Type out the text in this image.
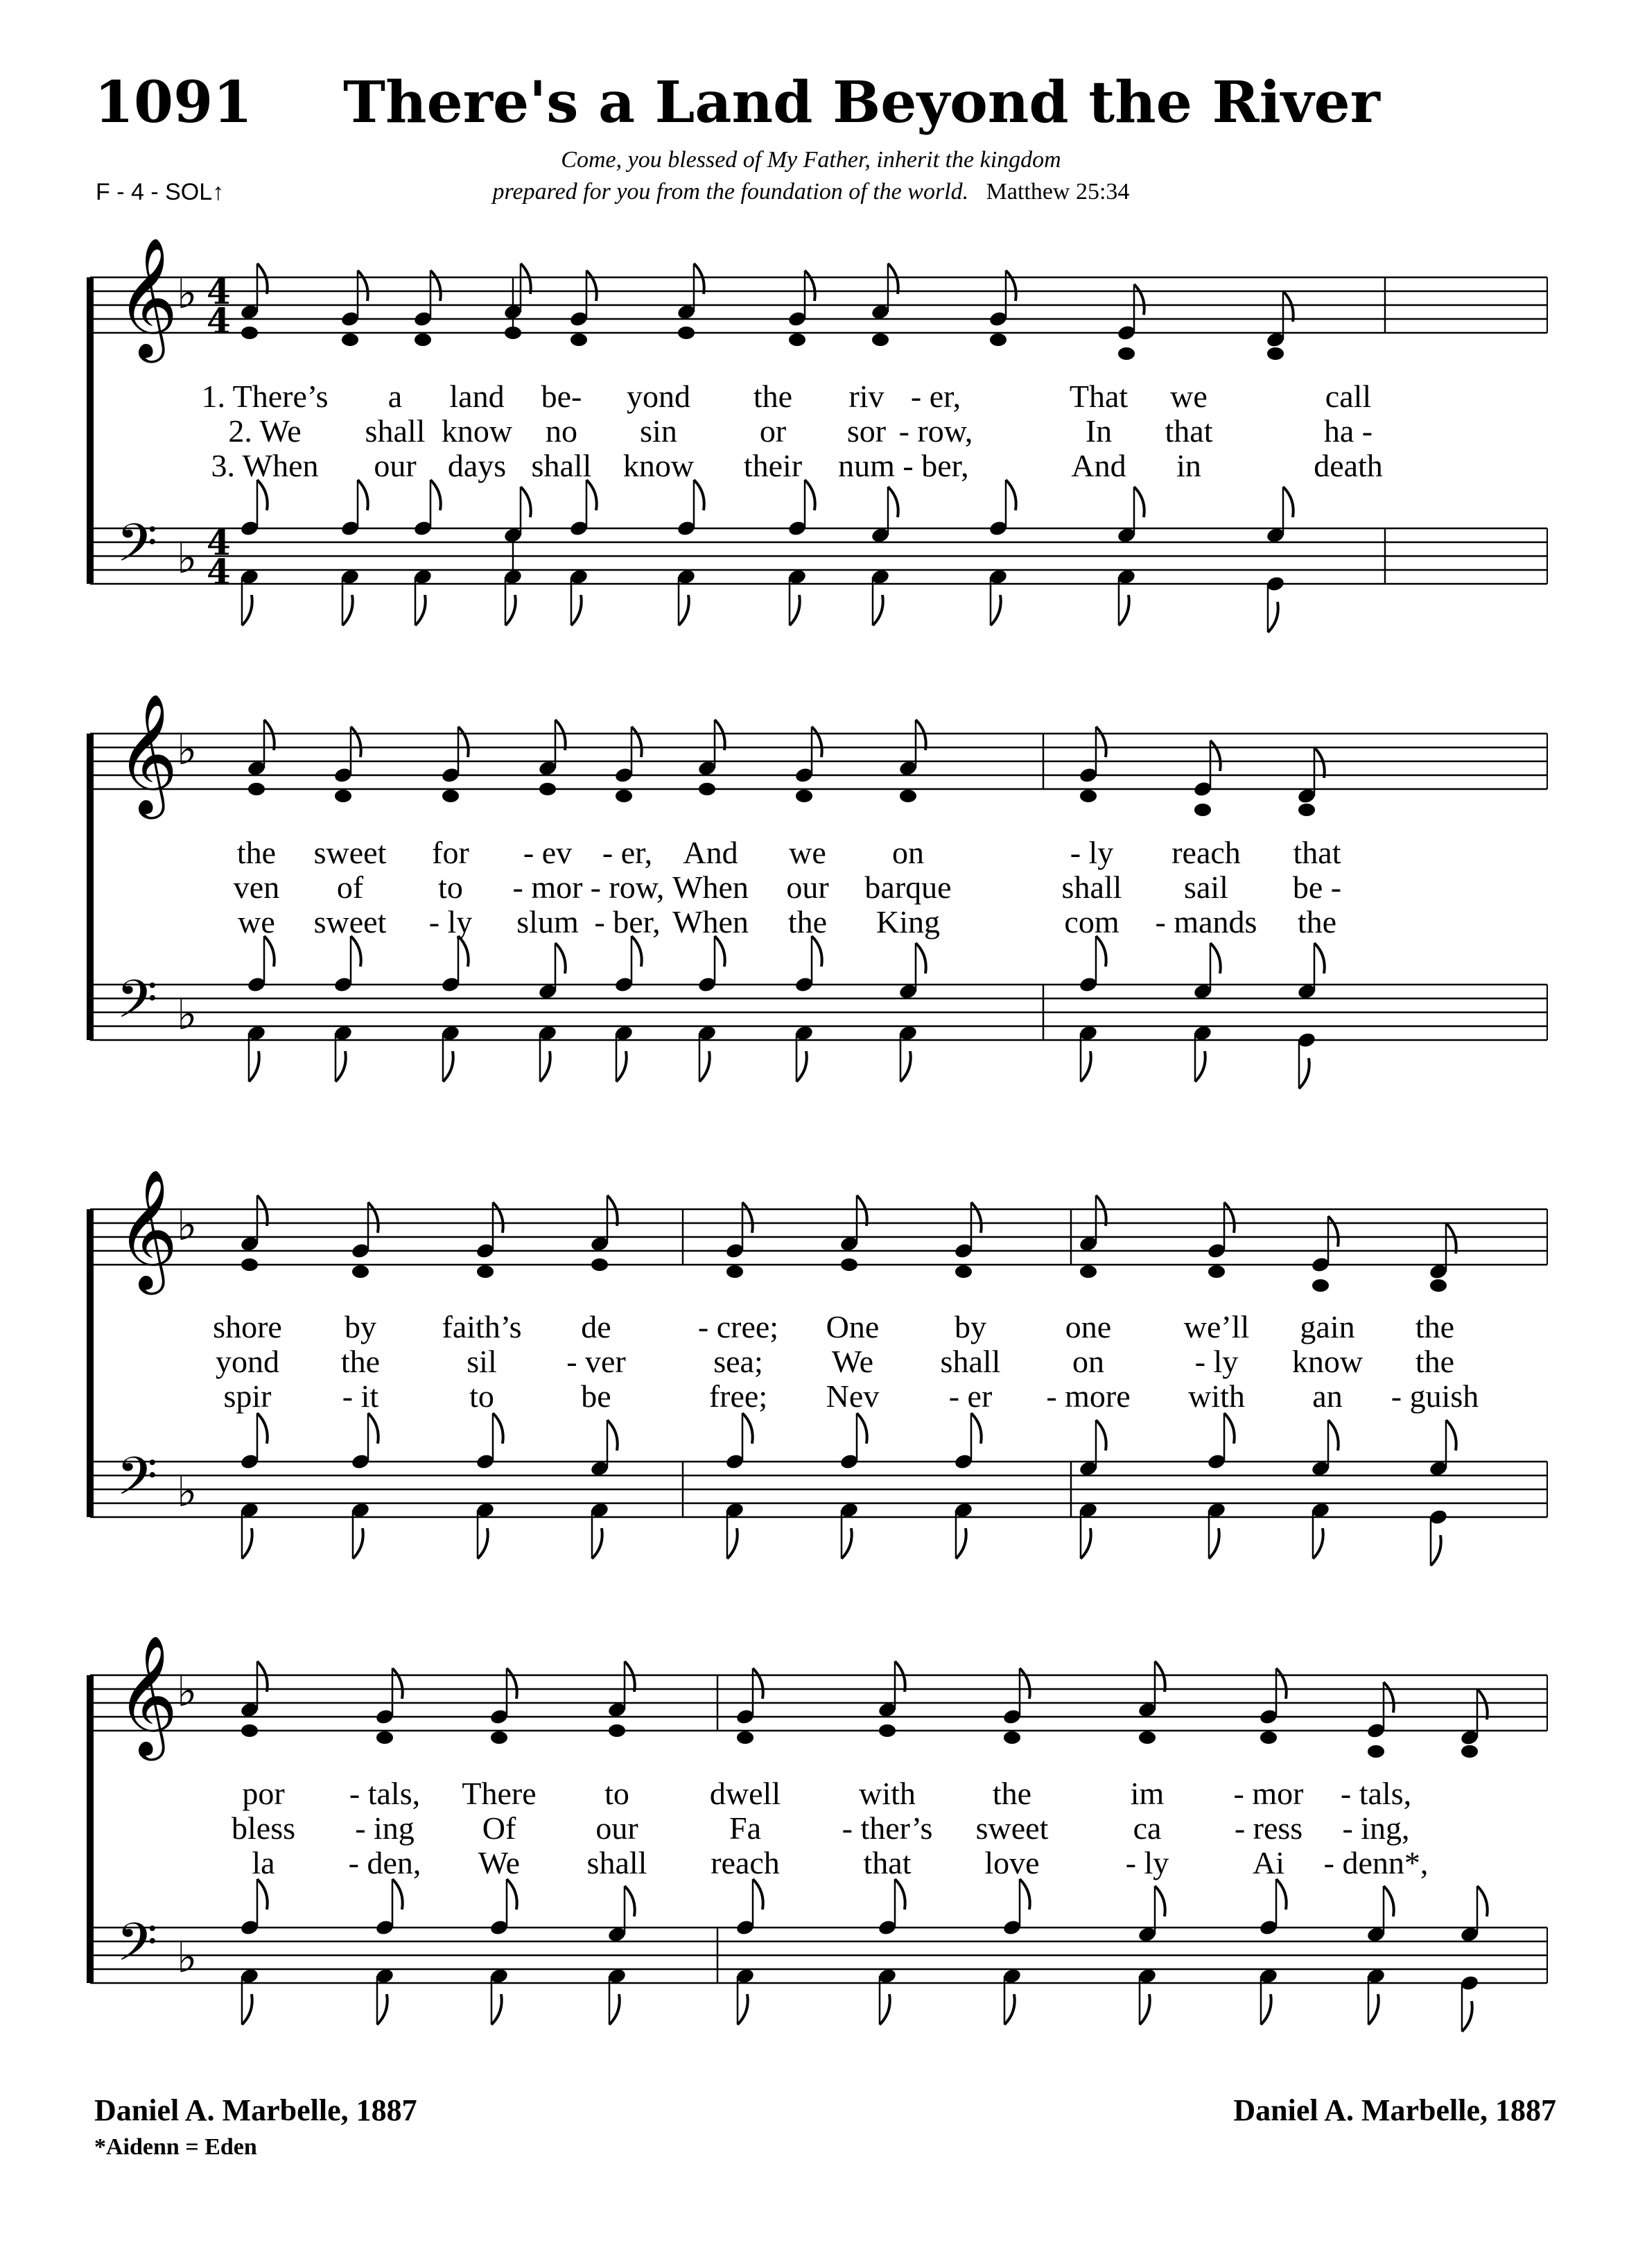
1091 There's a Land Beyond the River
Come, you blessed of My Father, inherit the kingdom
prepared for you from the foundation of the world. Matthew 25:34
F - 4 - SOL↑
𝄞
𝄢
♭
♭
4
4
4
4
𝄞
𝄢
♭
♭
𝄞
𝄢
♭
♭
𝄞
𝄢
♭
♭
1. There’s a land be- yond the riv - er,	That we	call
2. We shall know no sin	or sor - row,	In that	ha -
3. When our days shall know their num - ber,	And in	death
the sweet for - ev - er, And we on	- ly reach that
ven of to - mor - row, When our barque	shall sail be -
we sweet - ly slum - ber, When the King	com - mands the
shore by faith’s de	- cree; One by one we’ll gain the
yond the	sil - ver	sea; We shall on	- ly know the
spir - it	to	be	free; Nev - er - more with an - guish
por - tals, There to	dwell with the	im - mor - tals,
bless - ing Of	our	Fa	- ther’s sweet	ca - ress - ing,
la - den, We shall reach	that love	- ly	Ai - denn*,
Daniel A. Marbelle, 1887	Daniel A. Marbelle, 1887
*Aidenn = Eden
